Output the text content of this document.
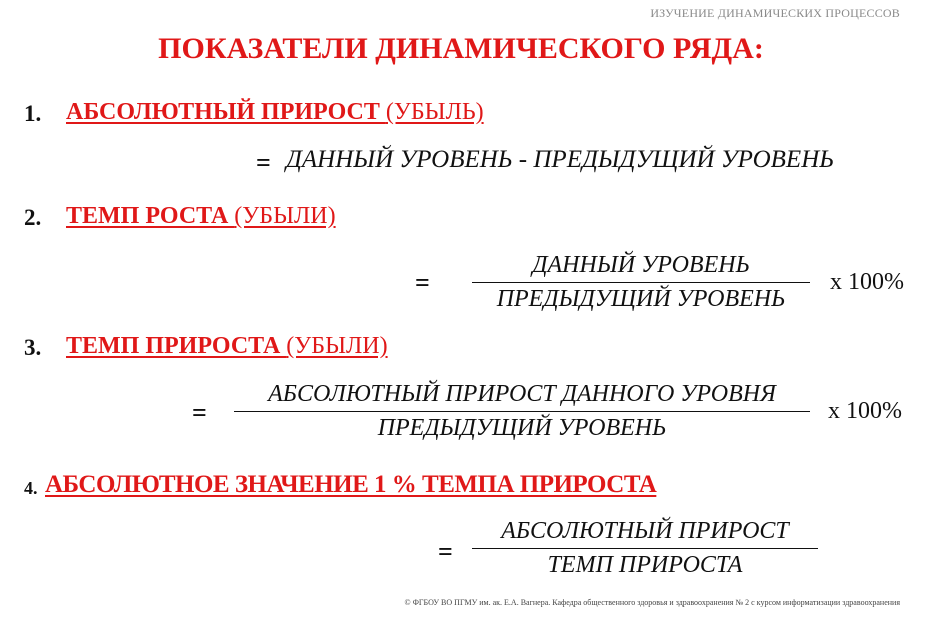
ИЗУЧЕНИЕ ДИНАМИЧЕСКИХ ПРОЦЕССОВ
ПОКАЗАТЕЛИ ДИНАМИЧЕСКОГО РЯДА:
1. АБСОЛЮТНЫЙ ПРИРОСТ (УБЫЛЬ)
= ДАННЫЙ УРОВЕНЬ - ПРЕДЫДУЩИЙ УРОВЕНЬ
2. ТЕМП РОСТА (УБЫЛИ)
=
ДАННЫЙ УРОВЕНЬ
ПРЕДЫДУЩИЙ УРОВЕНЬ
х 100%
3. ТЕМП ПРИРОСТА (УБЫЛИ)
=
АБСОЛЮТНЫЙ ПРИРОСТ ДАННОГО УРОВНЯ
ПРЕДЫДУЩИЙ УРОВЕНЬ
х 100%
4. АБСОЛЮТНОЕ ЗНАЧЕНИЕ 1 % ТЕМПА ПРИРОСТА
=
АБСОЛЮТНЫЙ ПРИРОСТ
ТЕМП ПРИРОСТА
© ФГБОУ ВО ПГМУ им. ак. Е.А. Вагнера. Кафедра общественного здоровья и здравоохранения № 2 с курсом информатизации здравоохранения
